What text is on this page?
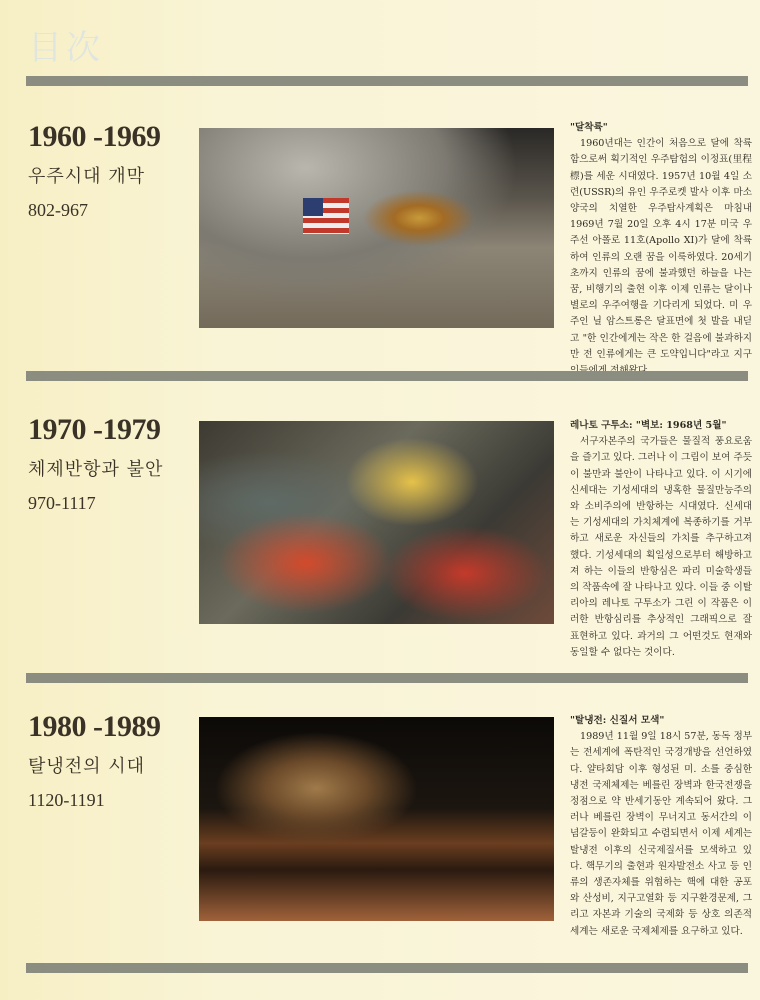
目次
1960 -1969
우주시대 개막
802-967
"달착륙"
1960년대는 인간이 처음으로 달에 착륙함으로써 획기적인 우주탐험의 이정표(里程標)를 세운 시대였다. 1957년 10월 4일 소련(USSR)의 유인 우주로켓 발사 이후 마소 양국의 치열한 우주탐사계획은 마침내 1969년 7월 20일 오후 4시 17분 미국 우주선 아폴로 11호(Apollo XI)가 달에 착륙하여 인류의 오랜 꿈을 이룩하였다. 20세기초까지 인류의 꿈에 불과했던 하늘을 나는 꿈, 비행기의 출현 이후 이제 인류는 달이나 별로의 우주여행을 기다리게 되었다. 미 우주인 닐 암스트롱은 달표면에 첫 발을 내딛고 "한 인간에게는 작은 한 걸음에 불과하지만 전 인류에게는 큰 도약입니다"라고 지구
1970 -1979
체제반항과 불안
970-1117
레나토 구투소: "벽보: 1968년 5월"
서구자본주의 국가들은 물질적 풍요로움을 즐기고 있다. 그러나 이 그림이 보여 주듯이 불만과 불안이 나타나고 있다. 이 시기에 신세대는 기성세대의 냉혹한 물질만능주의와 소비주의에 반항하는 시대였다. 신세대는 기성세대의 가치체계에 복종하기를 거부하고 새로운 자신들의 가치를 추구하고져 했다. 기성세대의 획일성으로부터 해방하고져 하는 이들의 반항심은 파리 미술학생들의 작품속에 잘 나타나고 있다. 이들 중 이탈리아의 레나토 구투소가 그린 이 작품은 이러한 반항심리를 추상적인 그래픽으로 잘 표현하고 있다. 과거의 그 어떤것도 현재와 동일할 수 없다는 것이다.
1980 -1989
탈냉전의 시대
1120-1191
"탈냉전: 신질서 모색"
1989년 11월 9일 18시 57분, 동독 정부는 전세계에 폭탄적인 국경개방을 선언하였다. 얄타회담 이후 형성된 미. 소를 중심한 냉전 국제체제는 베를린 장벽과 한국전쟁을 정점으로 약 반세기동안 계속되어 왔다. 그러나 베를린 장벽이 무너지고 동서간의 이념갈등이 완화되고 수렴되면서 이제 세계는 탈냉전 이후의 신국제질서를 모색하고 있다. 핵무기의 출현과 원자발전소 사고 등 인류의 생존자체를 위협하는 핵에 대한 공포와 산성비, 지구고열화 등 지구환경문제, 그리고 자본과 기술의 국제화 등 상호 의존적 세계는 새로운 국제체제를 요구하고 있다.
